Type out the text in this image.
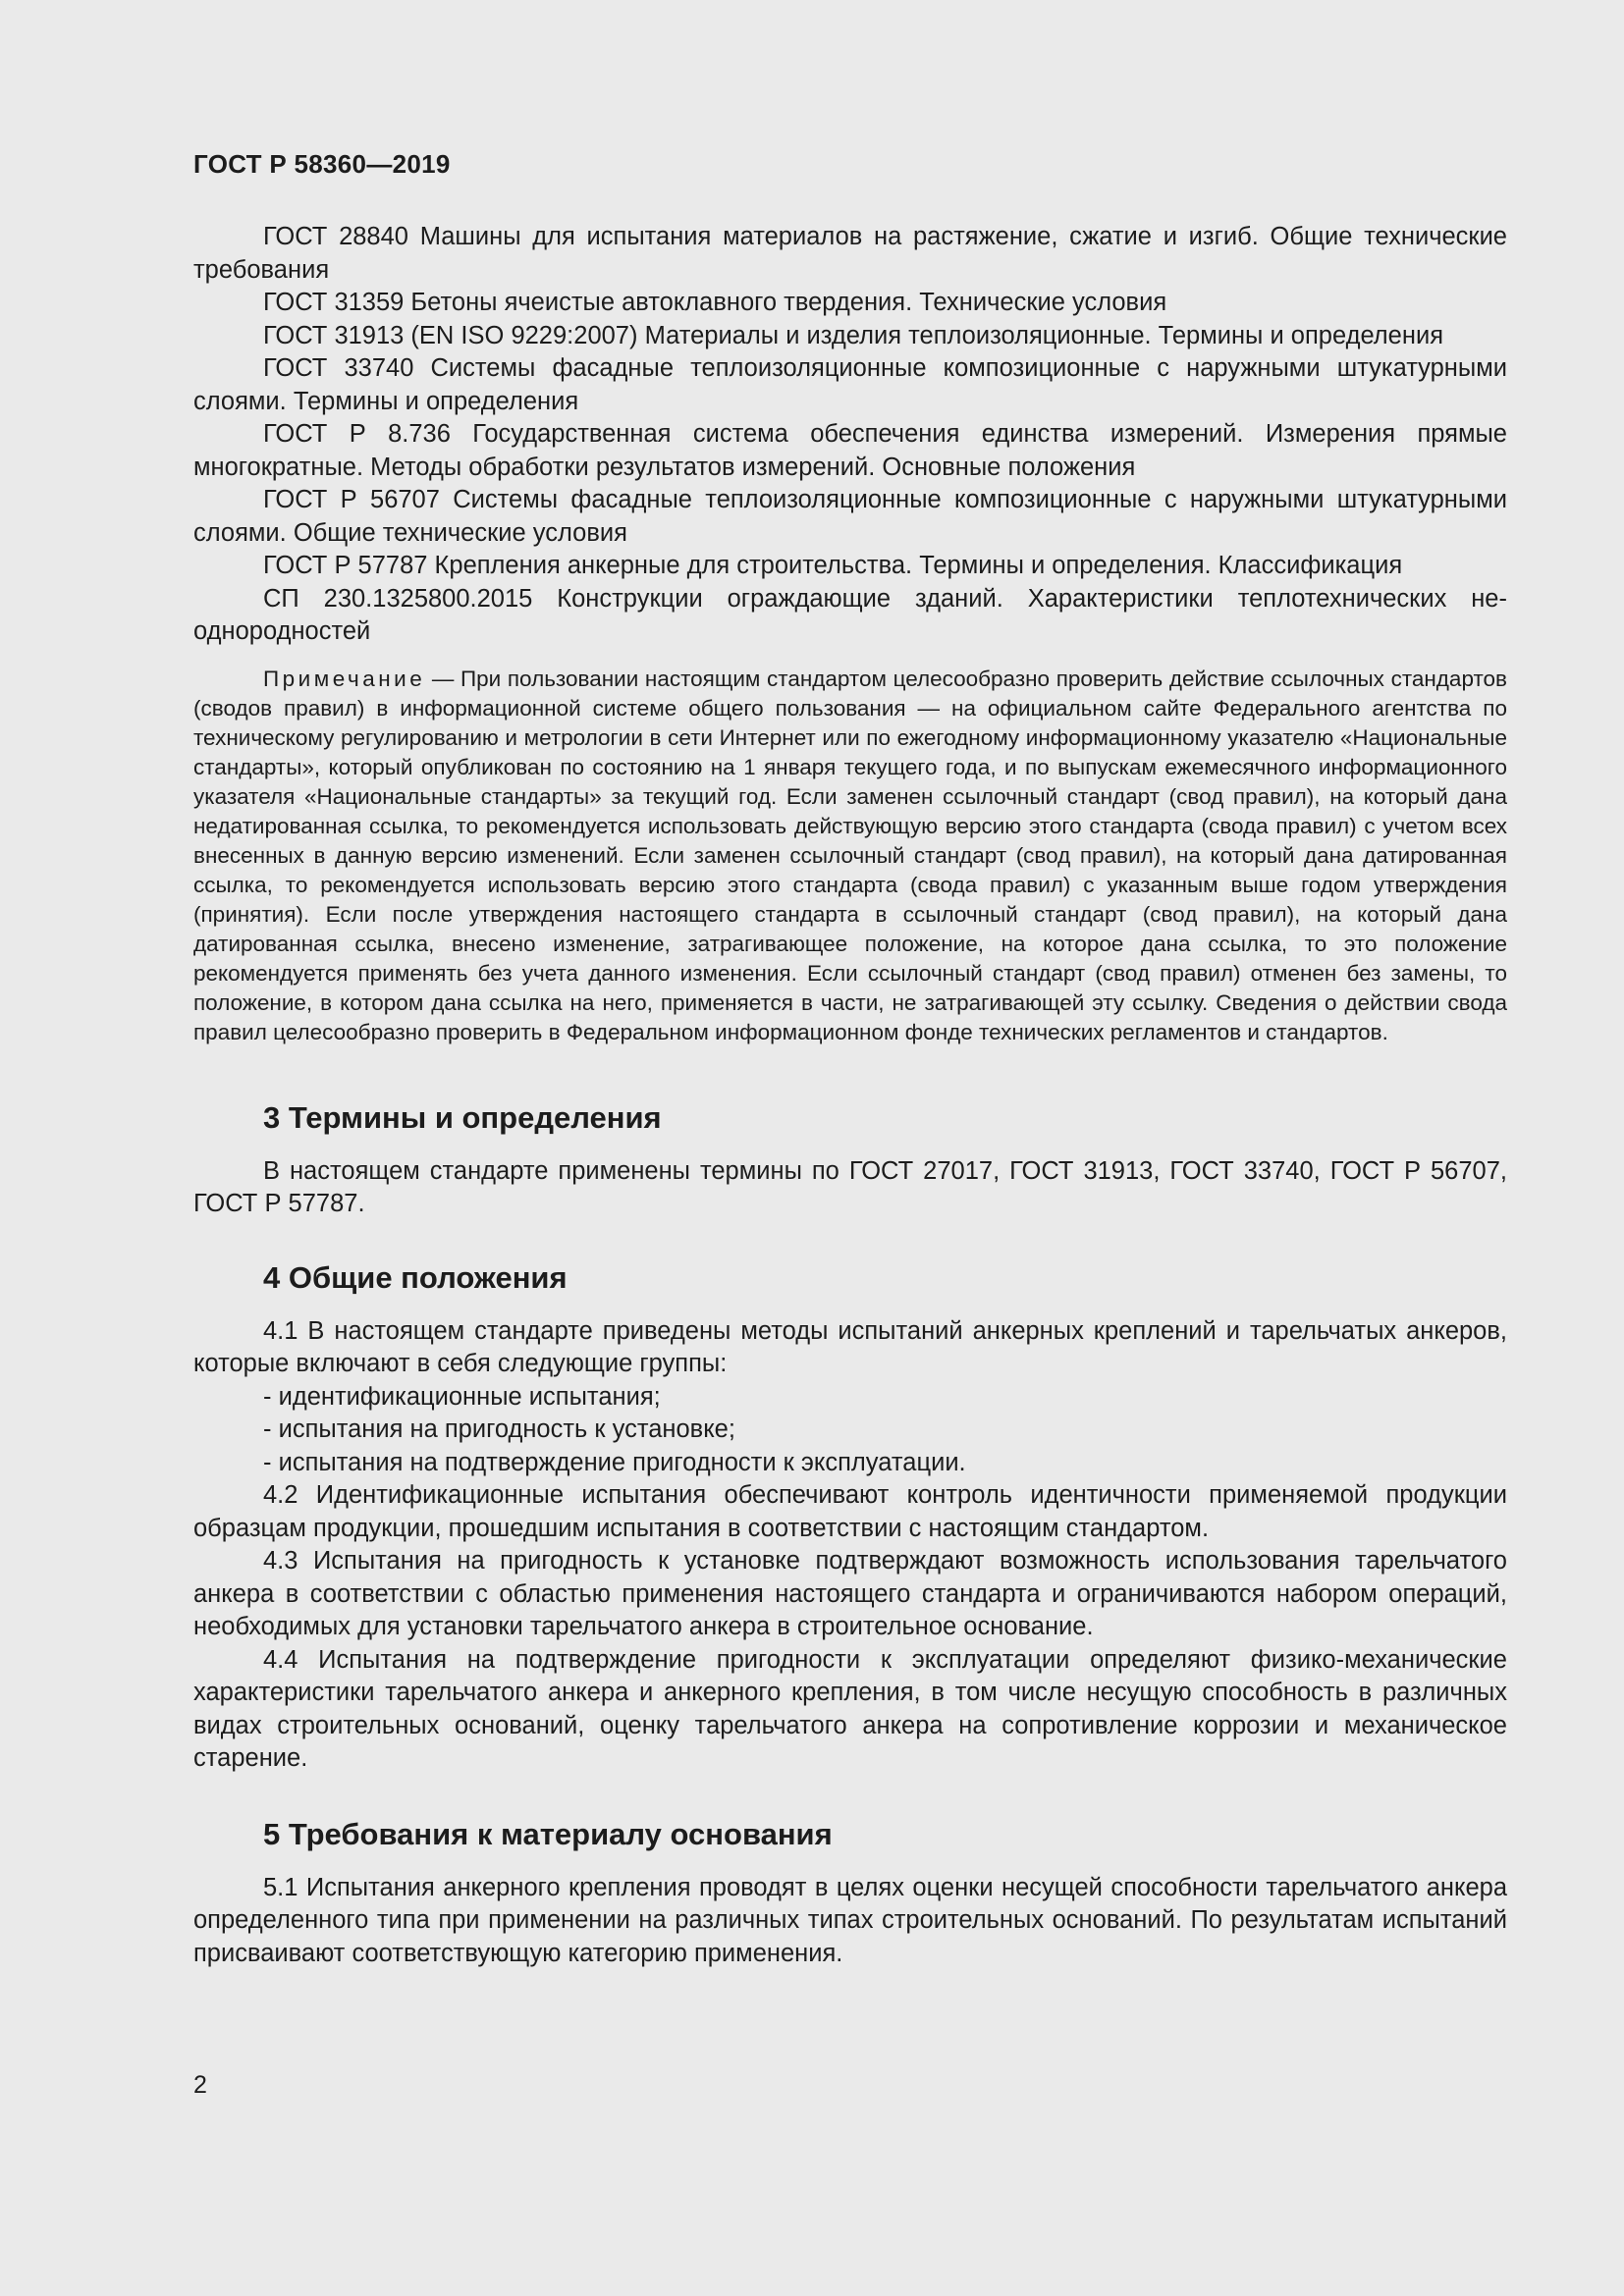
ГОСТ Р 58360—2019

ГОСТ 28840 Машины для испытания материалов на растяжение, сжатие и изгиб. Общие технические требования

ГОСТ 31359 Бетоны ячеистые автоклавного твердения. Технические условия

ГОСТ 31913 (EN ISO 9229:2007) Материалы и изделия теплоизоляционные. Термины и определения

ГОСТ 33740 Системы фасадные теплоизоляционные композиционные с наружными штукатурными слоями. Термины и определения

ГОСТ Р 8.736 Государственная система обеспечения единства измерений. Измерения прямые многократные. Методы обработки результатов измерений. Основные положения

ГОСТ Р 56707 Системы фасадные теплоизоляционные композиционные с наружными штукатурными слоями. Общие технические условия

ГОСТ Р 57787 Крепления анкерные для строительства. Термины и определения. Классификация

СП 230.1325800.2015 Конструкции ограждающие зданий. Характеристики теплотехнических неоднородностей

Примечание — При пользовании настоящим стандартом целесообразно проверить действие ссылочных стандартов (сводов правил) в информационной системе общего пользования — на официальном сайте Федерального агентства по техническому регулированию и метрологии в сети Интернет или по ежегодному информационному указателю «Национальные стандарты», который опубликован по состоянию на 1 января текущего года, и по выпускам ежемесячного информационного указателя «Национальные стандарты» за текущий год. Если заменен ссылочный стандарт (свод правил), на который дана недатированная ссылка, то рекомендуется использовать действующую версию этого стандарта (свода правил) с учетом всех внесенных в данную версию изменений. Если заменен ссылочный стандарт (свод правил), на который дана датированная ссылка, то рекомендуется использовать версию этого стандарта (свода правил) с указанным выше годом утверждения (принятия). Если после утверждения настоящего стандарта в ссылочный стандарт (свод правил), на который дана датированная ссылка, внесено изменение, затрагивающее положение, на которое дана ссылка, то это положение рекомендуется применять без учета данного изменения. Если ссылочный стандарт (свод правил) отменен без замены, то положение, в котором дана ссылка на него, применяется в части, не затрагивающей эту ссылку. Сведения о действии свода правил целесообразно проверить в Федеральном информационном фонде технических регламентов и стандартов.

3 Термины и определения

В настоящем стандарте применены термины по ГОСТ 27017, ГОСТ 31913, ГОСТ 33740, ГОСТ Р 56707, ГОСТ Р 57787.

4 Общие положения

4.1 В настоящем стандарте приведены методы испытаний анкерных креплений и тарельчатых анкеров, которые включают в себя следующие группы:

- идентификационные испытания;

- испытания на пригодность к установке;

- испытания на подтверждение пригодности к эксплуатации.

4.2 Идентификационные испытания обеспечивают контроль идентичности применяемой продукции образцам продукции, прошедшим испытания в соответствии с настоящим стандартом.

4.3 Испытания на пригодность к установке подтверждают возможность использования тарельчатого анкера в соответствии с областью применения настоящего стандарта и ограничиваются набором операций, необходимых для установки тарельчатого анкера в строительное основание.

4.4 Испытания на подтверждение пригодности к эксплуатации определяют физико-механические характеристики тарельчатого анкера и анкерного крепления, в том числе несущую способность в различных видах строительных оснований, оценку тарельчатого анкера на сопротивление коррозии и механическое старение.

5 Требования к материалу основания

5.1 Испытания анкерного крепления проводят в целях оценки несущей способности тарельчатого анкера определенного типа при применении на различных типах строительных оснований. По результатам испытаний присваивают соответствующую категорию применения.

2
